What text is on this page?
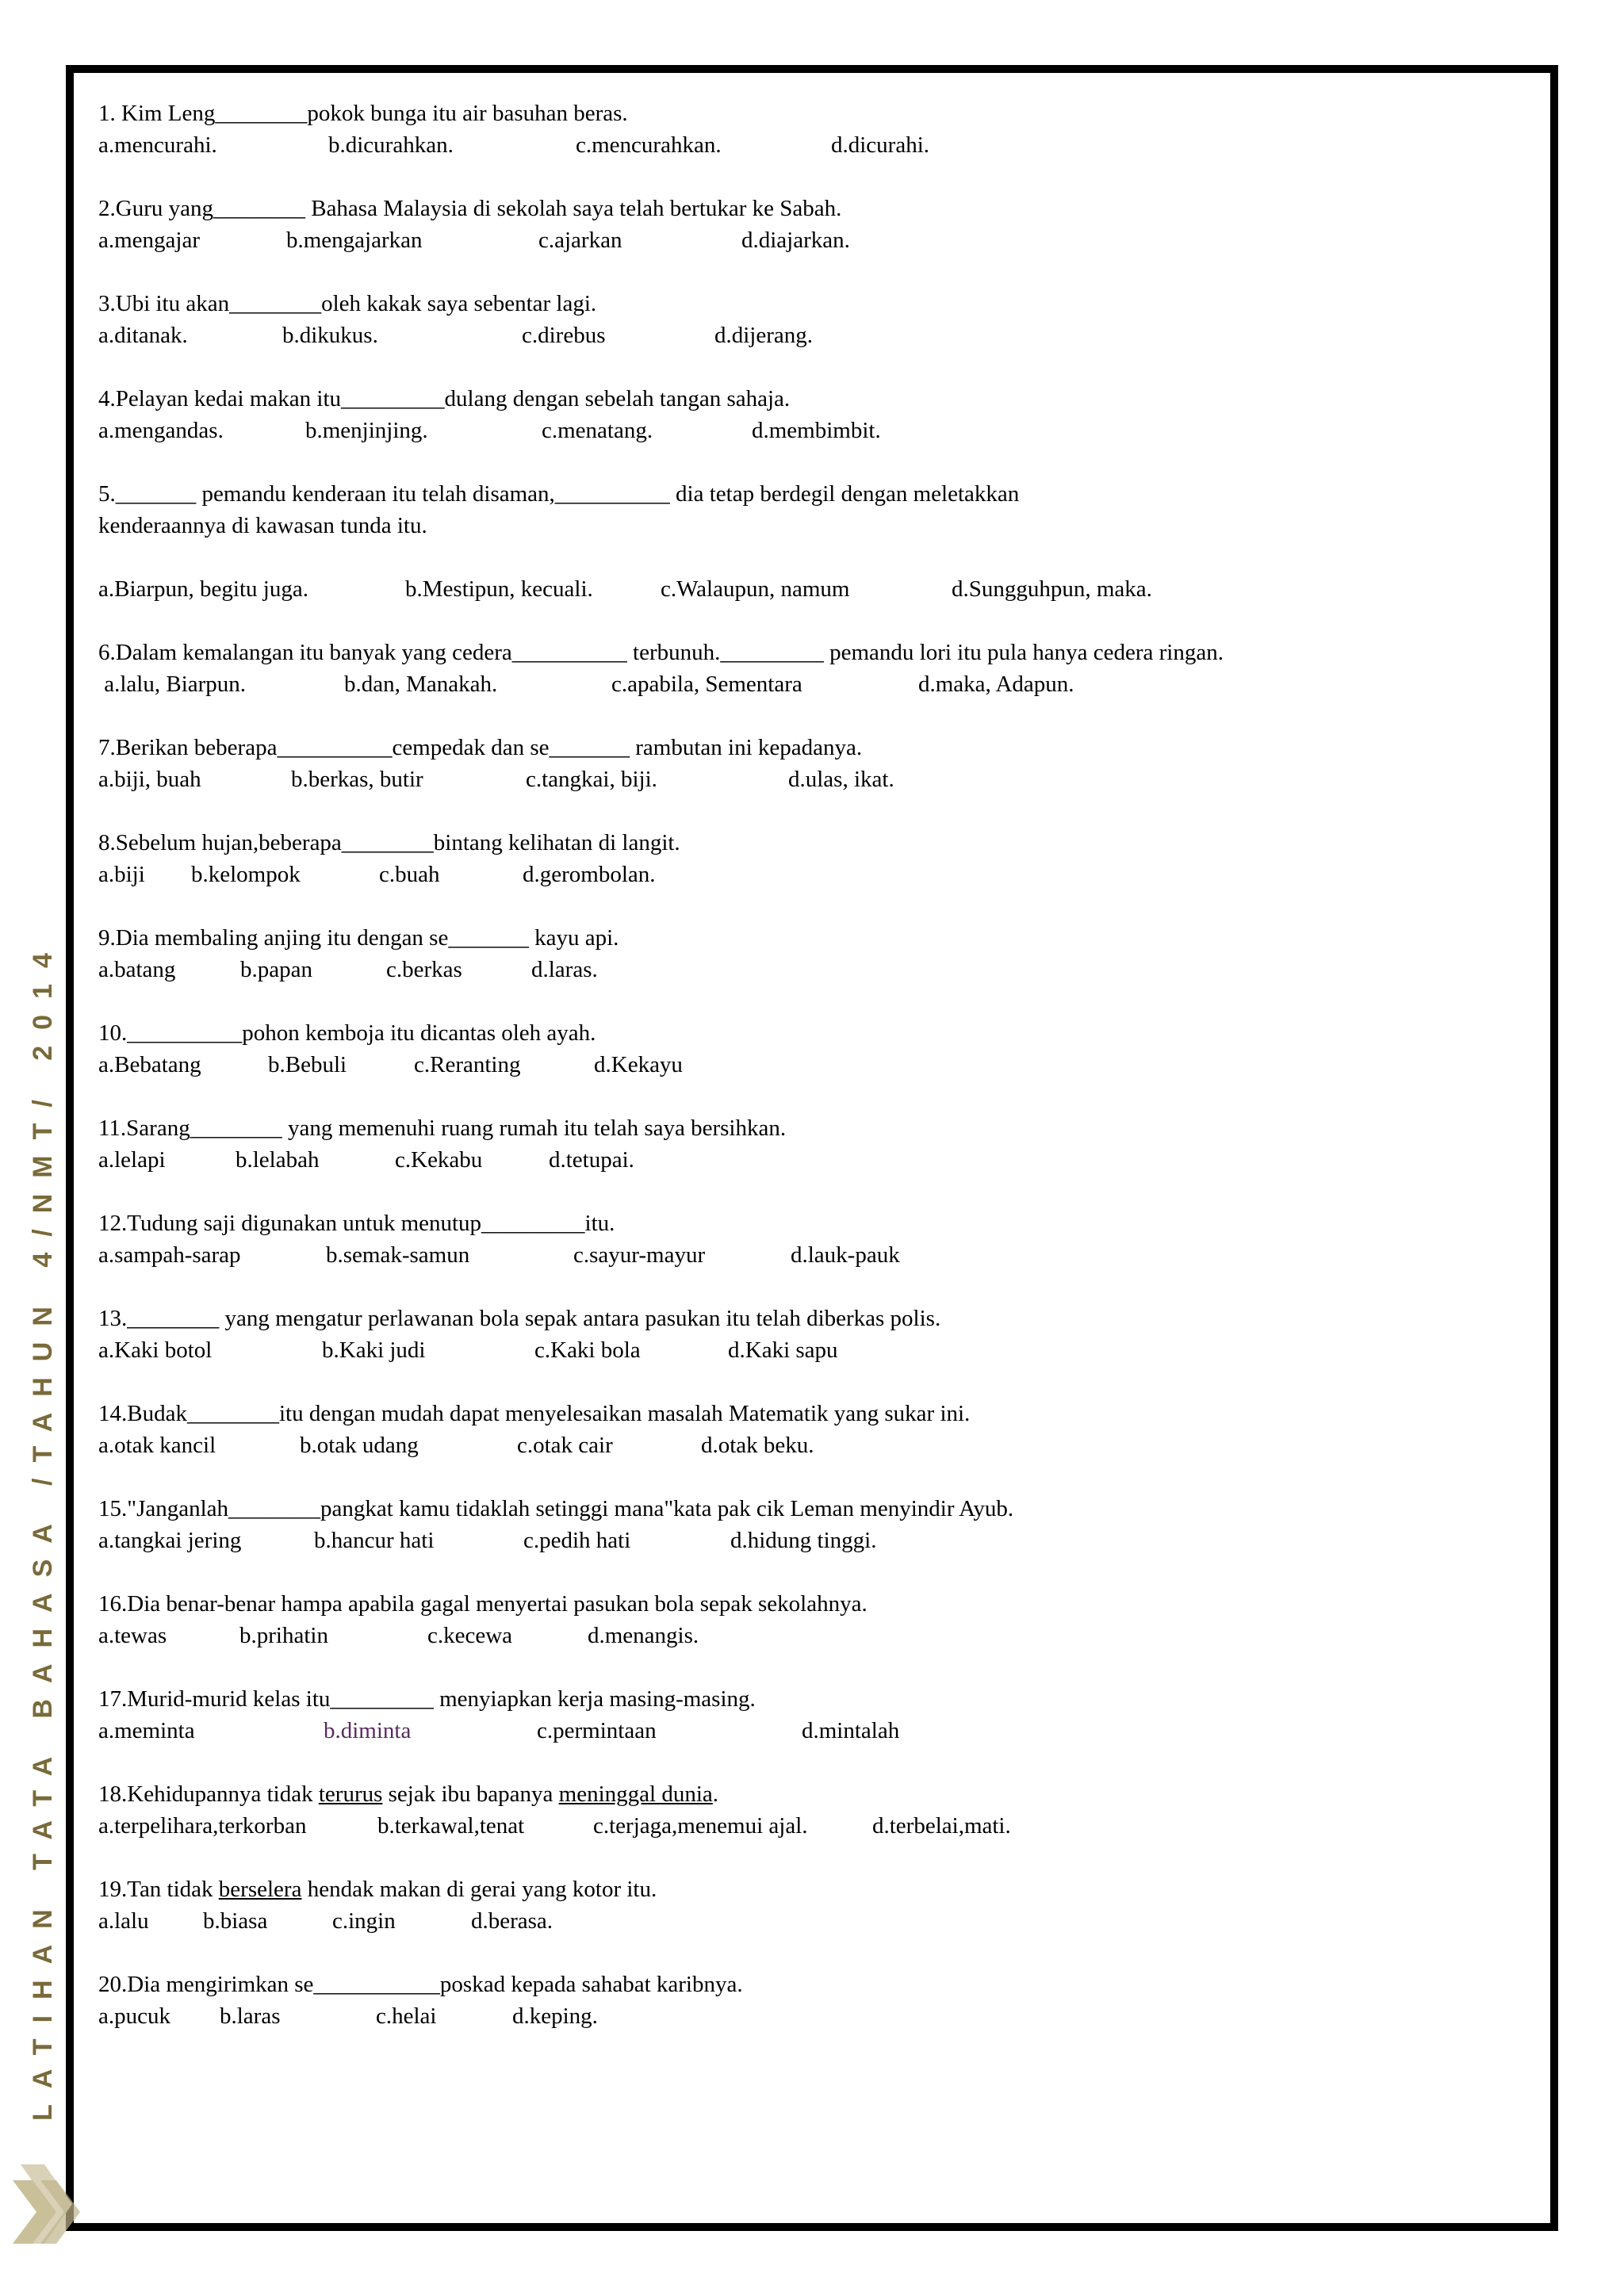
LATIHAN TATA BAHASA /TAHUN 4/NMT/ 2014
1. Kim Leng________pokok bunga itu air basuhan beras.
a.mencurahi.	b.dicurahkan.	c.mencurahkan.	d.dicurahi.
2.Guru yang________ Bahasa Malaysia di sekolah saya telah bertukar ke Sabah.
a.mengajar	b.mengajarkan	c.ajarkan	d.diajarkan.
3.Ubi itu akan________oleh kakak saya sebentar lagi.
a.ditanak.	b.dikukus.	c.direbus	d.dijerang.
4.Pelayan kedai makan itu_________dulang dengan sebelah tangan sahaja.
a.mengandas.	b.menjinjing.	c.menatang.	d.membimbit.
5._______ pemandu kenderaan itu telah disaman,__________ dia tetap berdegil dengan meletakkan
kenderaannya di kawasan tunda itu.
a.Biarpun, begitu juga.	b.Mestipun, kecuali.	c.Walaupun, namum	d.Sungguhpun, maka.
6.Dalam kemalangan itu banyak yang cedera__________ terbunuh._________ pemandu lori itu pula hanya cedera ringan.
a.lalu, Biarpun.	b.dan, Manakah.	c.apabila, Sementara	d.maka, Adapun.
7.Berikan beberapa__________cempedak dan se_______ rambutan ini kepadanya.
a.biji, buah	b.berkas, butir	c.tangkai, biji.	d.ulas, ikat.
8.Sebelum hujan,beberapa________bintang kelihatan di langit.
a.biji	b.kelompok	c.buah	d.gerombolan.
9.Dia membaling anjing itu dengan se_______ kayu api.
a.batang	b.papan	c.berkas	d.laras.
10.__________pohon kemboja itu dicantas oleh ayah.
a.Bebatang	b.Bebuli	c.Reranting	d.Kekayu
11.Sarang________ yang memenuhi ruang rumah itu telah saya bersihkan.
a.lelapi	b.lelabah	c.Kekabu	d.tetupai.
12.Tudung saji digunakan untuk menutup_________itu.
a.sampah-sarap	b.semak-samun	c.sayur-mayur	d.lauk-pauk
13.________ yang mengatur perlawanan bola sepak antara pasukan itu telah diberkas polis.
a.Kaki botol	b.Kaki judi	c.Kaki bola	d.Kaki sapu
14.Budak________itu dengan mudah dapat menyelesaikan masalah Matematik yang sukar ini.
a.otak kancil	b.otak udang	c.otak cair	d.otak beku.
15."Janganlah________pangkat kamu tidaklah setinggi mana"kata pak cik Leman menyindir Ayub.
a.tangkai jering	b.hancur hati	c.pedih hati	d.hidung tinggi.
16.Dia benar-benar hampa apabila gagal menyertai pasukan bola sepak sekolahnya.
a.tewas	b.prihatin	c.kecewa	d.menangis.
17.Murid-murid kelas itu_________ menyiapkan kerja masing-masing.
a.meminta	b.diminta	c.permintaan	d.mintalah
18.Kehidupannya tidak terurus sejak ibu bapanya meninggal dunia.
a.terpelihara,terkorban	b.terkawal,tenat	c.terjaga,menemui ajal.	d.terbelai,mati.
19.Tan tidak berselera hendak makan di gerai yang kotor itu.
a.lalu	b.biasa	c.ingin	d.berasa.
20.Dia mengirimkan se___________poskad kepada sahabat karibnya.
a.pucuk	b.laras	c.helai	d.keping.
